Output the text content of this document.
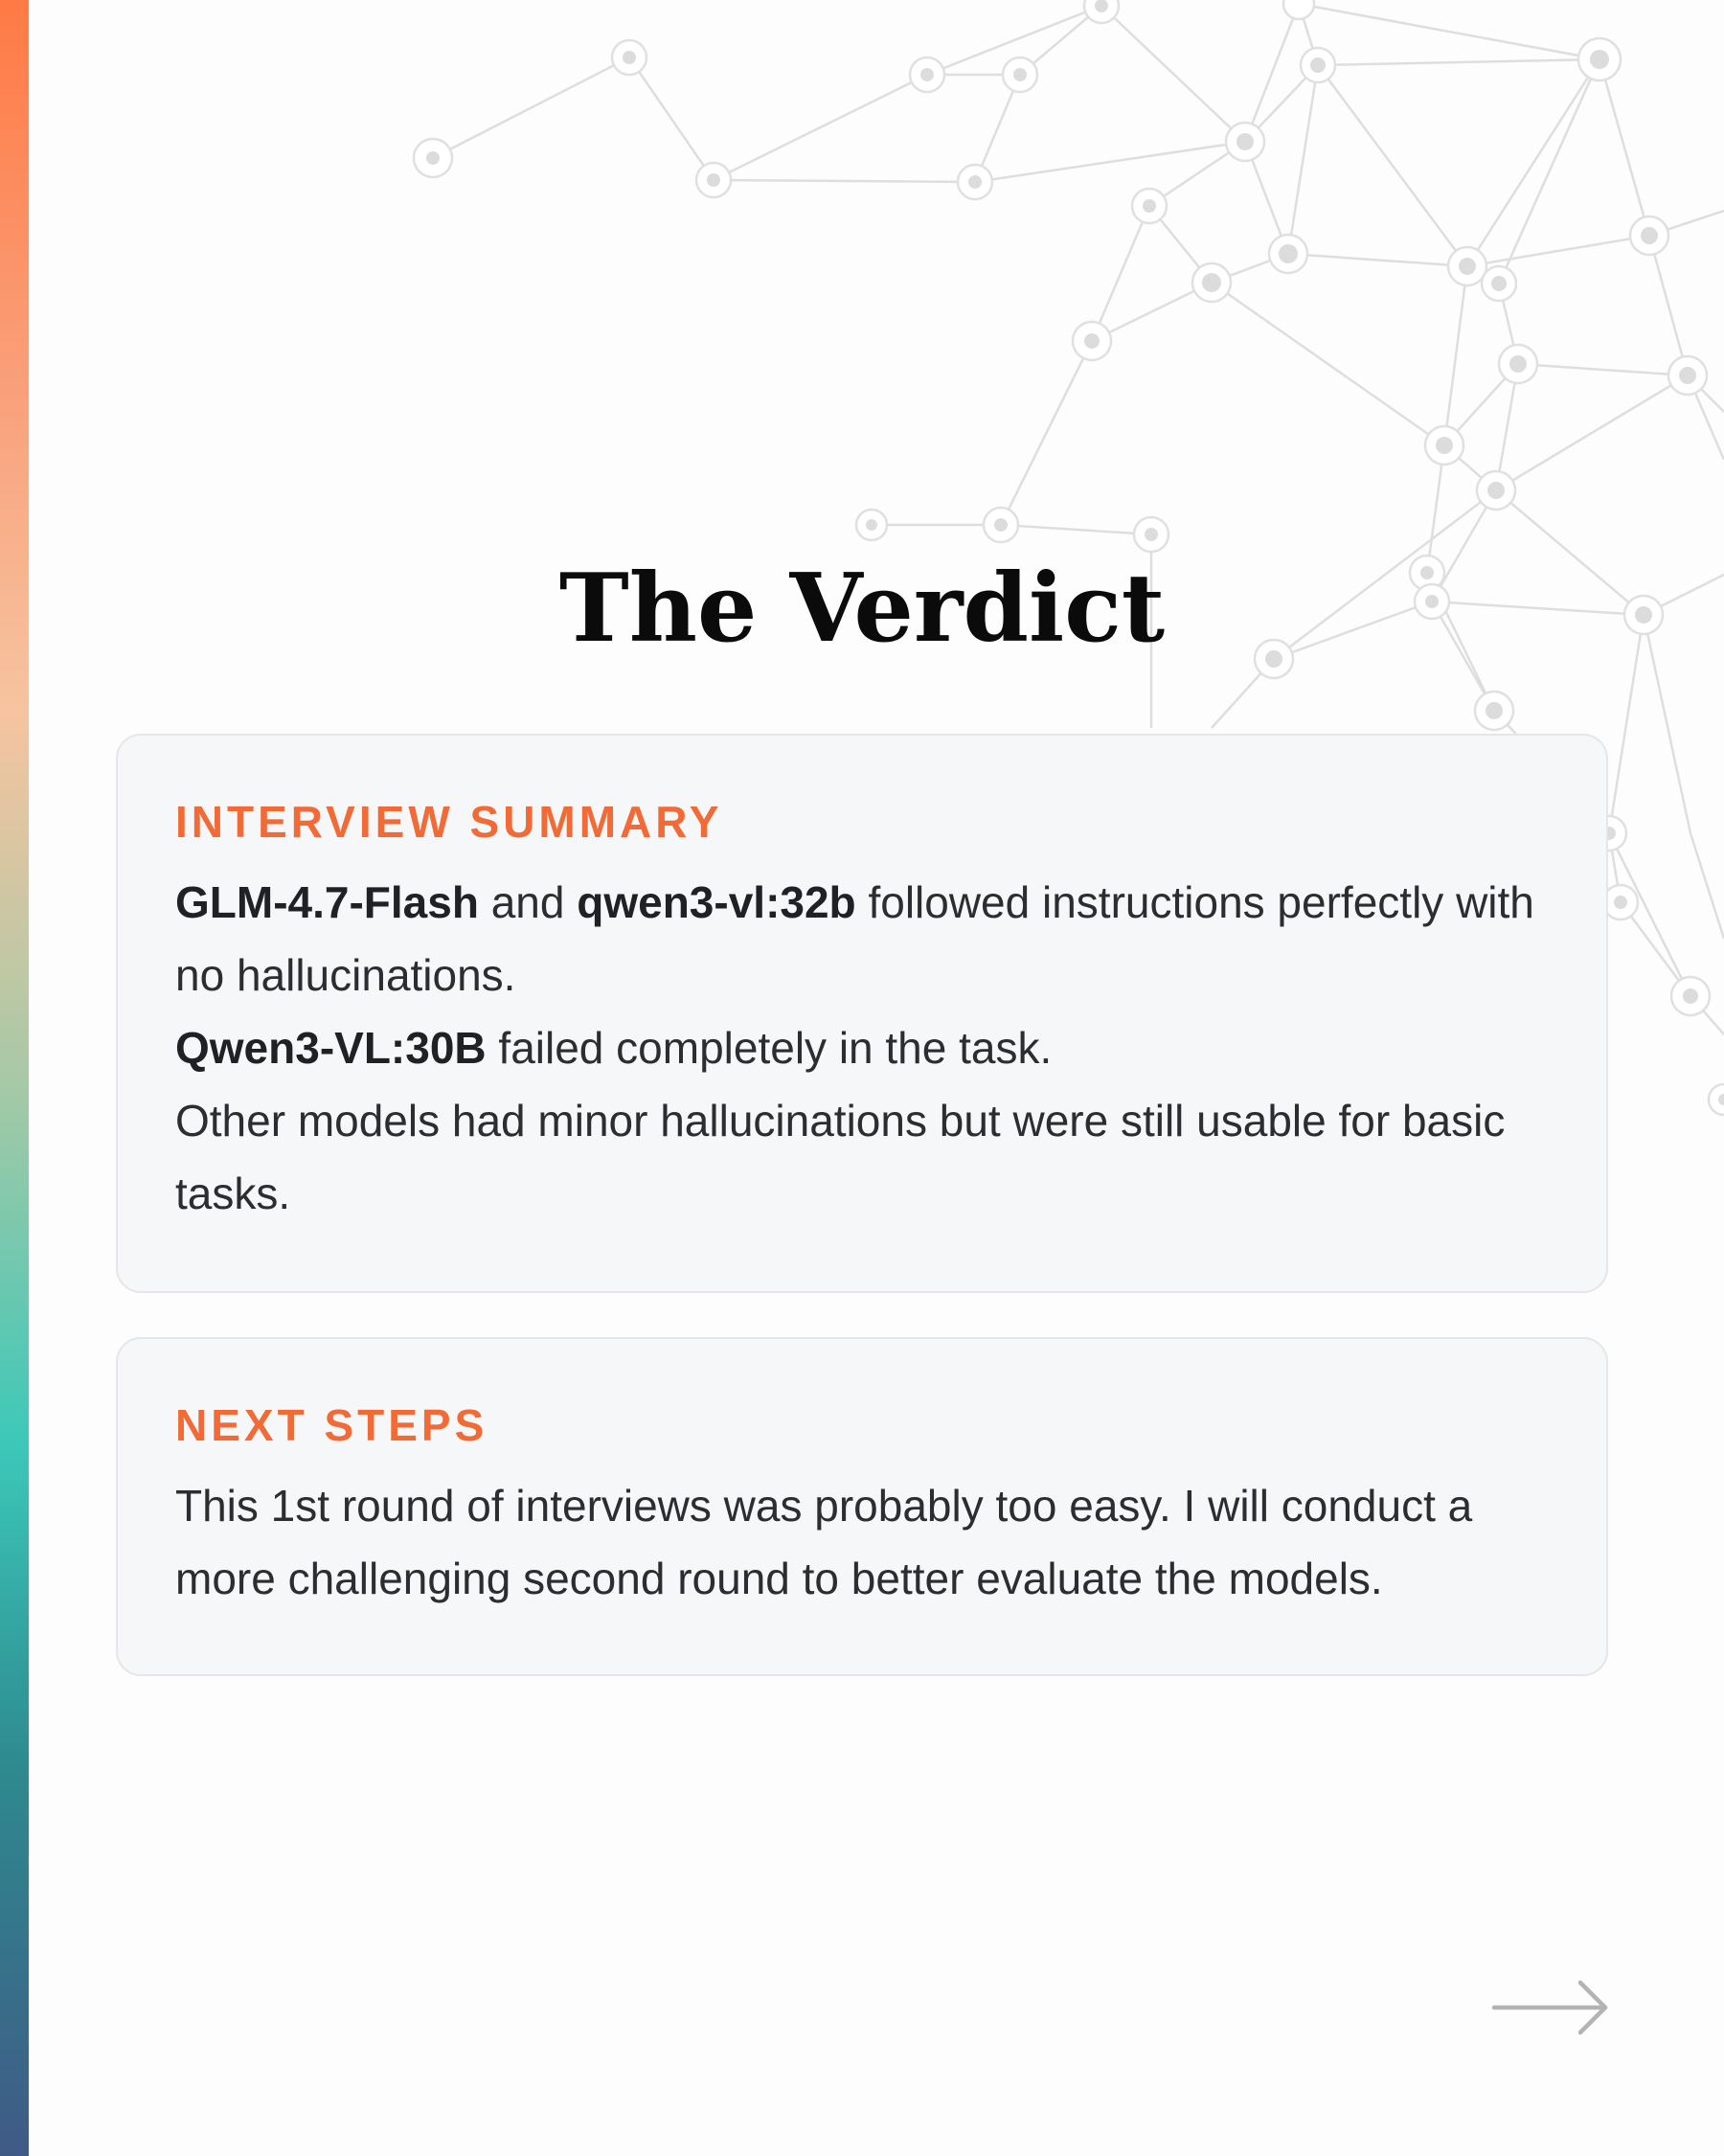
The Verdict
INTERVIEW SUMMARY

GLM-4.7-Flash and qwen3-vl:32b followed instructions perfectly with no hallucinations.

Qwen3-VL:30B failed completely in the task.

Other models had minor hallucinations but were still usable for basic tasks.

NEXT STEPS

This 1st round of interviews was probably too easy. I will conduct a more challenging second round to better evaluate the models.
